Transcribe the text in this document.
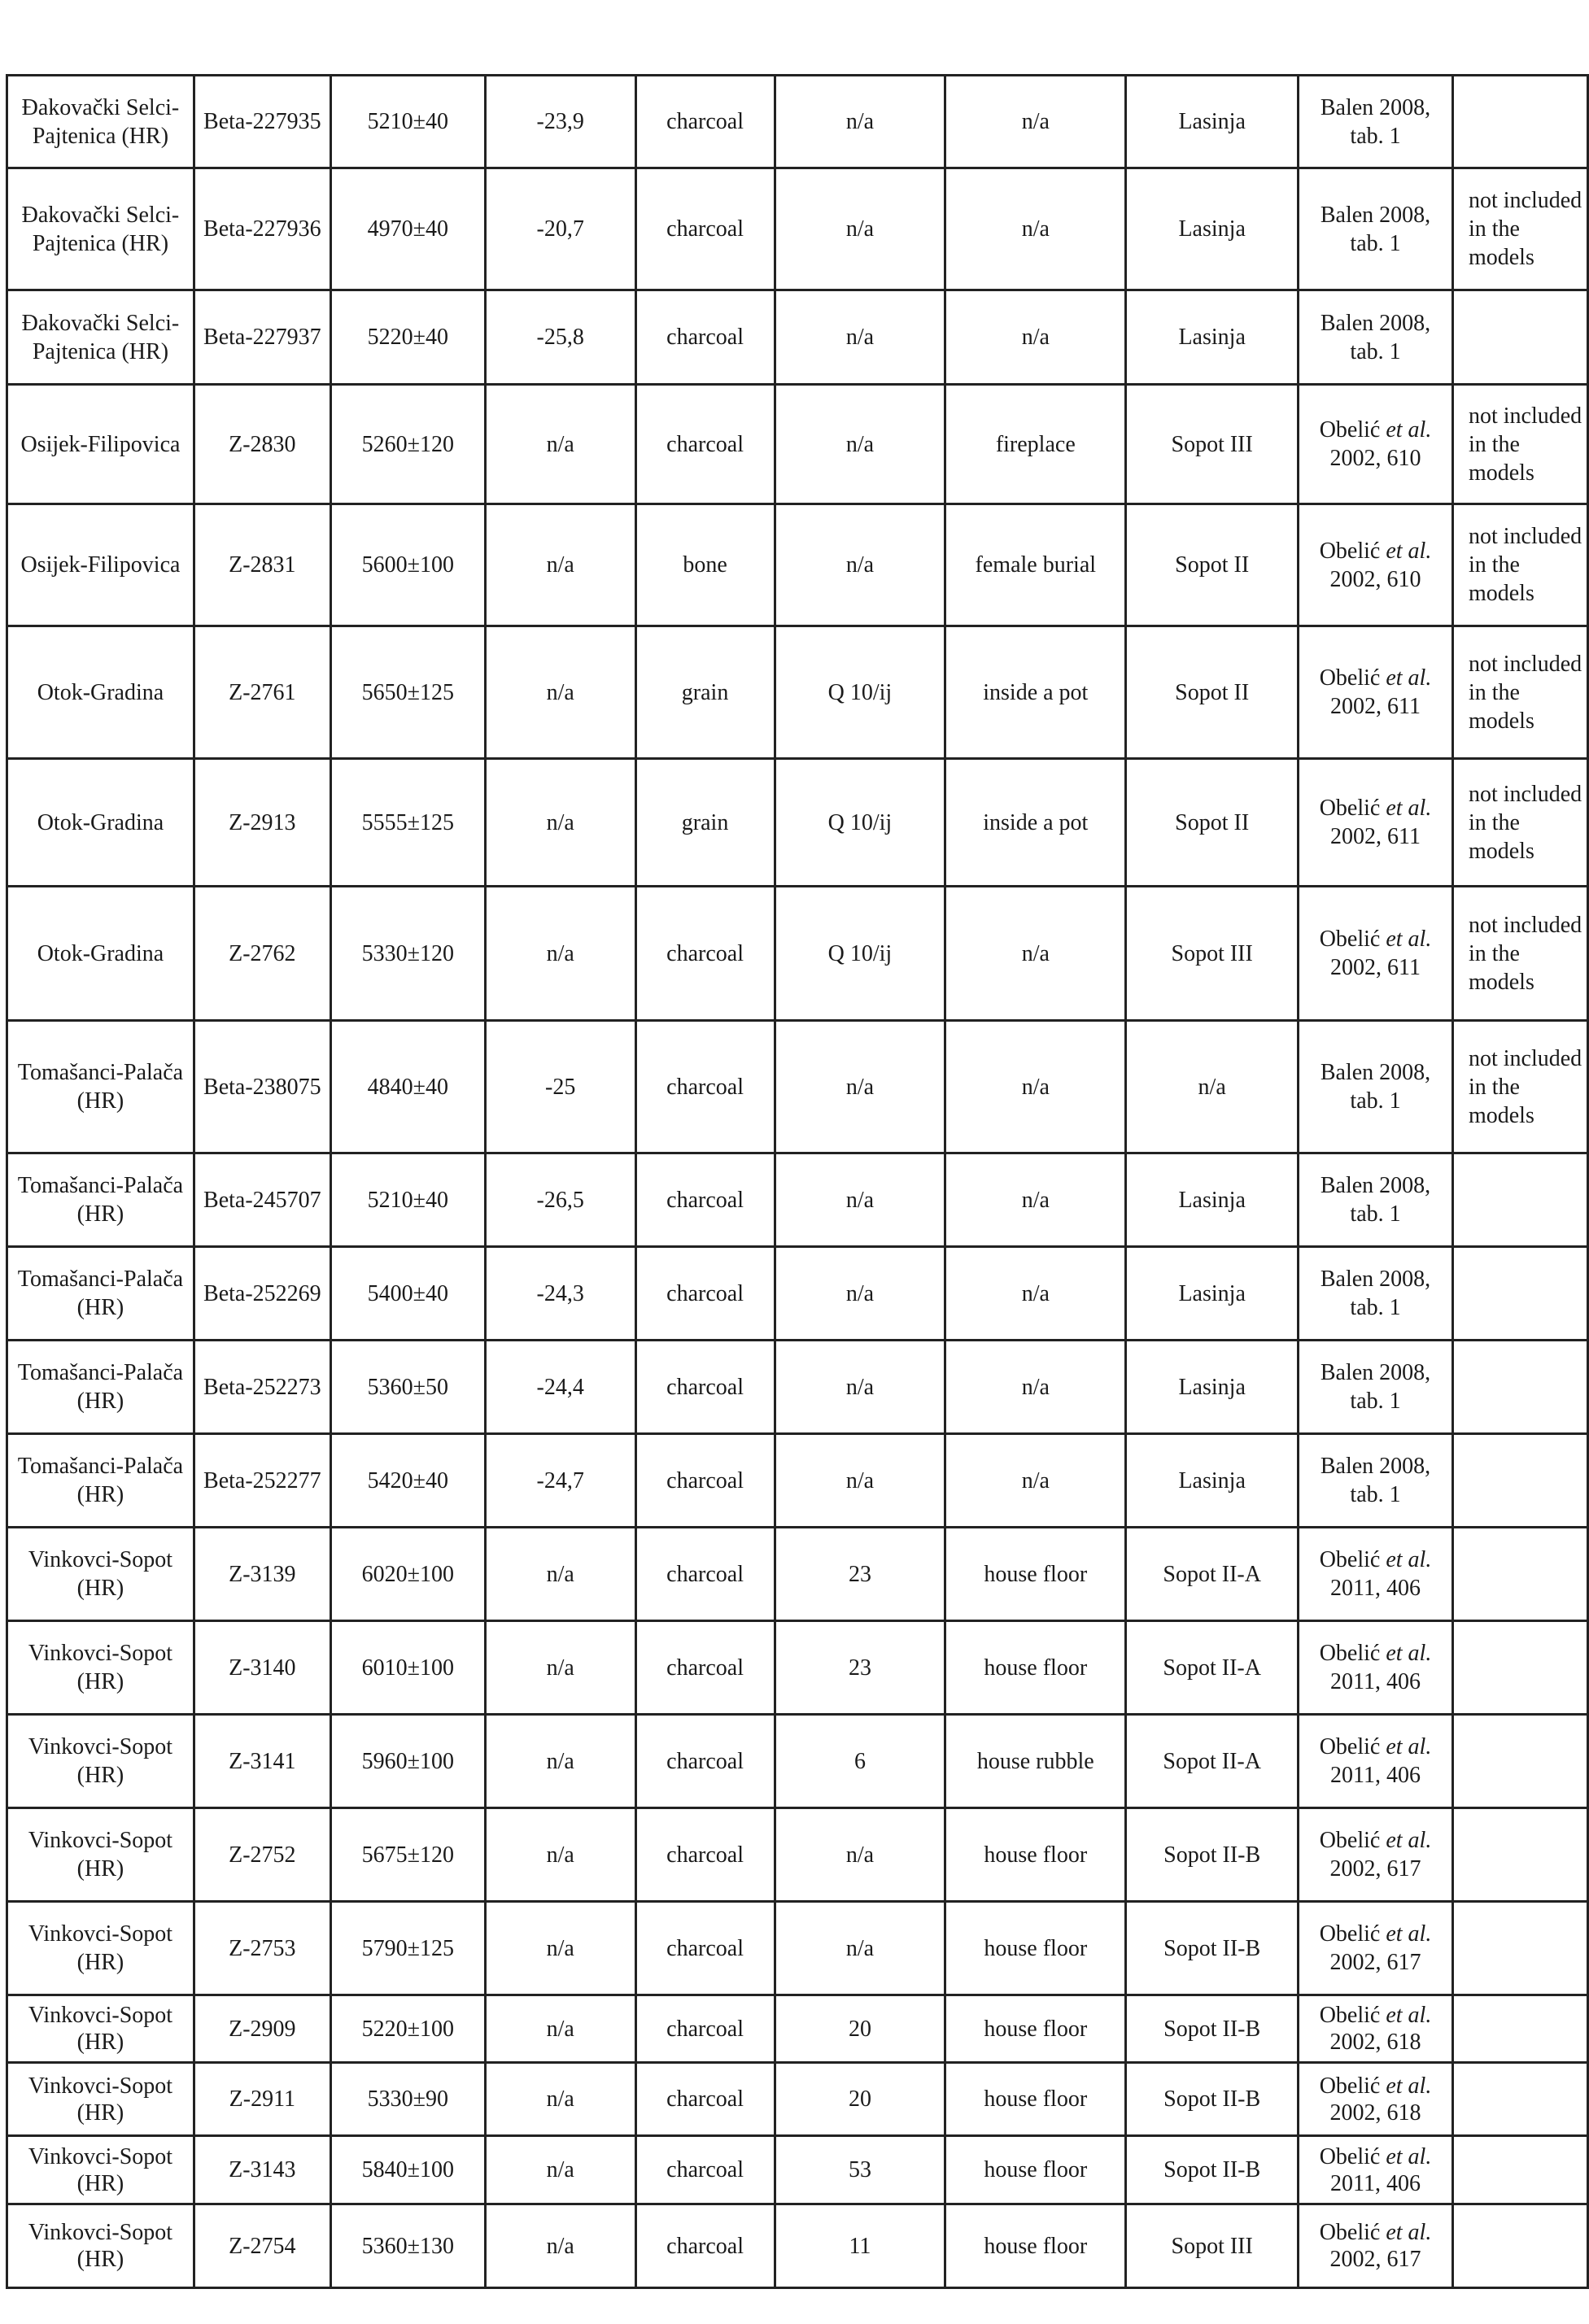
Đakovački Selci-Pajtenica (HR)	Beta-227935	5210±40	-23,9	charcoal	n/a	n/a	Lasinja	Balen 2008,
tab. 1	
Đakovački Selci-Pajtenica (HR)	Beta-227936	4970±40	-20,7	charcoal	n/a	n/a	Lasinja	Balen 2008,
tab. 1	not included in the models
Đakovački Selci-Pajtenica (HR)	Beta-227937	5220±40	-25,8	charcoal	n/a	n/a	Lasinja	Balen 2008,
tab. 1	
Osijek-Filipovica	Z-2830	5260±120	n/a	charcoal	n/a	fireplace	Sopot III	Obelić et al.
2002, 610	not included in the models
Osijek-Filipovica	Z-2831	5600±100	n/a	bone	n/a	female burial	Sopot II	Obelić et al.
2002, 610	not included in the models
Otok-Gradina	Z-2761	5650±125	n/a	grain	Q 10/ij	inside a pot	Sopot II	Obelić et al.
2002, 611	not included in the models
Otok-Gradina	Z-2913	5555±125	n/a	grain	Q 10/ij	inside a pot	Sopot II	Obelić et al.
2002, 611	not included in the models
Otok-Gradina	Z-2762	5330±120	n/a	charcoal	Q 10/ij	n/a	Sopot III	Obelić et al.
2002, 611	not included in the models
Tomašanci-Palača (HR)	Beta-238075	4840±40	-25	charcoal	n/a	n/a	n/a	Balen 2008,
tab. 1	not included in the models
Tomašanci-Palača (HR)	Beta-245707	5210±40	-26,5	charcoal	n/a	n/a	Lasinja	Balen 2008,
tab. 1	
Tomašanci-Palača (HR)	Beta-252269	5400±40	-24,3	charcoal	n/a	n/a	Lasinja	Balen 2008,
tab. 1	
Tomašanci-Palača (HR)	Beta-252273	5360±50	-24,4	charcoal	n/a	n/a	Lasinja	Balen 2008,
tab. 1	
Tomašanci-Palača (HR)	Beta-252277	5420±40	-24,7	charcoal	n/a	n/a	Lasinja	Balen 2008,
tab. 1	
Vinkovci-Sopot (HR)	Z-3139	6020±100	n/a	charcoal	23	house floor	Sopot II-A	Obelić et al.
2011, 406	
Vinkovci-Sopot (HR)	Z-3140	6010±100	n/a	charcoal	23	house floor	Sopot II-A	Obelić et al.
2011, 406	
Vinkovci-Sopot (HR)	Z-3141	5960±100	n/a	charcoal	6	house rubble	Sopot II-A	Obelić et al.
2011, 406	
Vinkovci-Sopot (HR)	Z-2752	5675±120	n/a	charcoal	n/a	house floor	Sopot II-B	Obelić et al.
2002, 617	
Vinkovci-Sopot (HR)	Z-2753	5790±125	n/a	charcoal	n/a	house floor	Sopot II-B	Obelić et al.
2002, 617	
Vinkovci-Sopot (HR)	Z-2909	5220±100	n/a	charcoal	20	house floor	Sopot II-B	Obelić et al.
2002, 618	
Vinkovci-Sopot (HR)	Z-2911	5330±90	n/a	charcoal	20	house floor	Sopot II-B	Obelić et al.
2002, 618	
Vinkovci-Sopot (HR)	Z-3143	5840±100	n/a	charcoal	53	house floor	Sopot II-B	Obelić et al.
2011, 406	
Vinkovci-Sopot (HR)	Z-2754	5360±130	n/a	charcoal	11	house floor	Sopot III	Obelić et al.
2002, 617	
